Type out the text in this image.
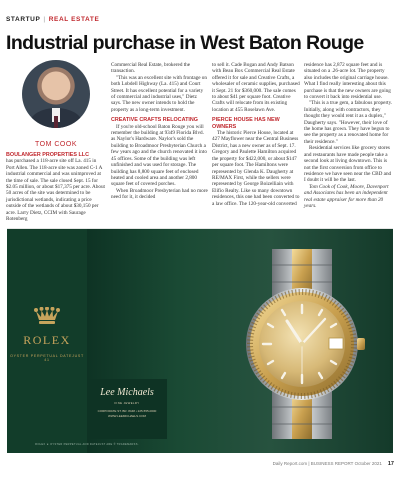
STARTUP | REAL ESTATE
Industrial purchase in West Baton Rouge
TOM COOK

BOULANGER PROPERTIES LLC

has purchased a 118-acre site off La. 415 in Port Allen. The 118-acre site was zoned C-1 A industrial commercial and was unimproved at the time of sale. The sale closed Sept. 15 for $2.05 million, or about $17,375 per acre. About 50 acres of the site was determined to be jurisdictional wetlands, indicating a price outside of the wetlands of about $30,150 per acre. Larry Dietz, CCIM with Saurage Rotenberg

Commercial Real Estate, brokered the transaction.

"This was an excellent site with frontage on both Lobdell Highway (La. 415) and Court Street. It has excellent potential for a variety of commercial and industrial uses," Dietz says. The new owner intends to hold the property as a long-term investment.

CREATIVE CRAFTS RELOCATING

If you're old-school Baton Rouge you will remember the building at 9349 Florida Blvd. as Naylor's Hardware. Naylor's sold the building to Broadmoor Presbyterian Church a few years ago and the church renovated it into 45 offices. Some of the building was left unfinished and was used for storage. The building has 8,800 square feet of enclosed heated and cooled area and another 2,800 square feet of covered porches.

When Broadmoor Presbyterian had no more need for it, it decided

to sell it. Cade Bogan and Andy Batson with Beau Box Commercial Real Estate offered it for sale and Creative Crafts, a wholesaler of ceramic supplies, purchased it Sept. 21 for $360,000. The sale comes to about $41 per square foot. Creative Crafts will relocate from its existing location at 455 Roselawn Ave.

PIERCE HOUSE HAS NEW OWNERS

The historic Pierce House, located at 427 Mayflower near the Central Business District, has a new owner as of Sept. 17. Gregory and Paulette Hamilton acquired the property for $422,000, or about $147 per square foot. The Hamiltons were represented by Glenda K. Daugherty at RE/MAX First, while the sellers were represented by George Boizelliain with Elifio Realty. Like so many downtown residences, this one had been converted to a law office. The 120-year-old converted

residence has 2,872 square feet and is situated on a .26-acre lot. The property also includes the original carriage house. What I find really interesting about this purchase is that the new owners are going to convert it back into residential use.

"This is a true gem, a fabulous property. Initially, along with contractors, they thought they would rent it as a duplex," Daugherty says. "However, their love of the home has grown. They have begun to see the property as a renovated home for their residence."

Residential services like grocery stores and restaurants have made people take a second look at living downtown. This is not the first conversion from office to residence we have seen near the CBD and I doubt it will be the last.

Tom Cook of Cook, Moore, Davenport and Associates has been an independent real estate appraiser for more than 20 years.

ROLEX
OYSTER PERPETUAL DATEJUST 41
Lee Michaels
FINE JEWELRY
CORPORATE ST. BR. 8448 • 225-555-0000
WWW.LEEMICHAELS.COM
ROLEX ★ OYSTER PERPETUAL AND DATEJUST ARE ® TRADEMARKS.
Daily Report.com | BUSINESS REPORT October 2021 17
